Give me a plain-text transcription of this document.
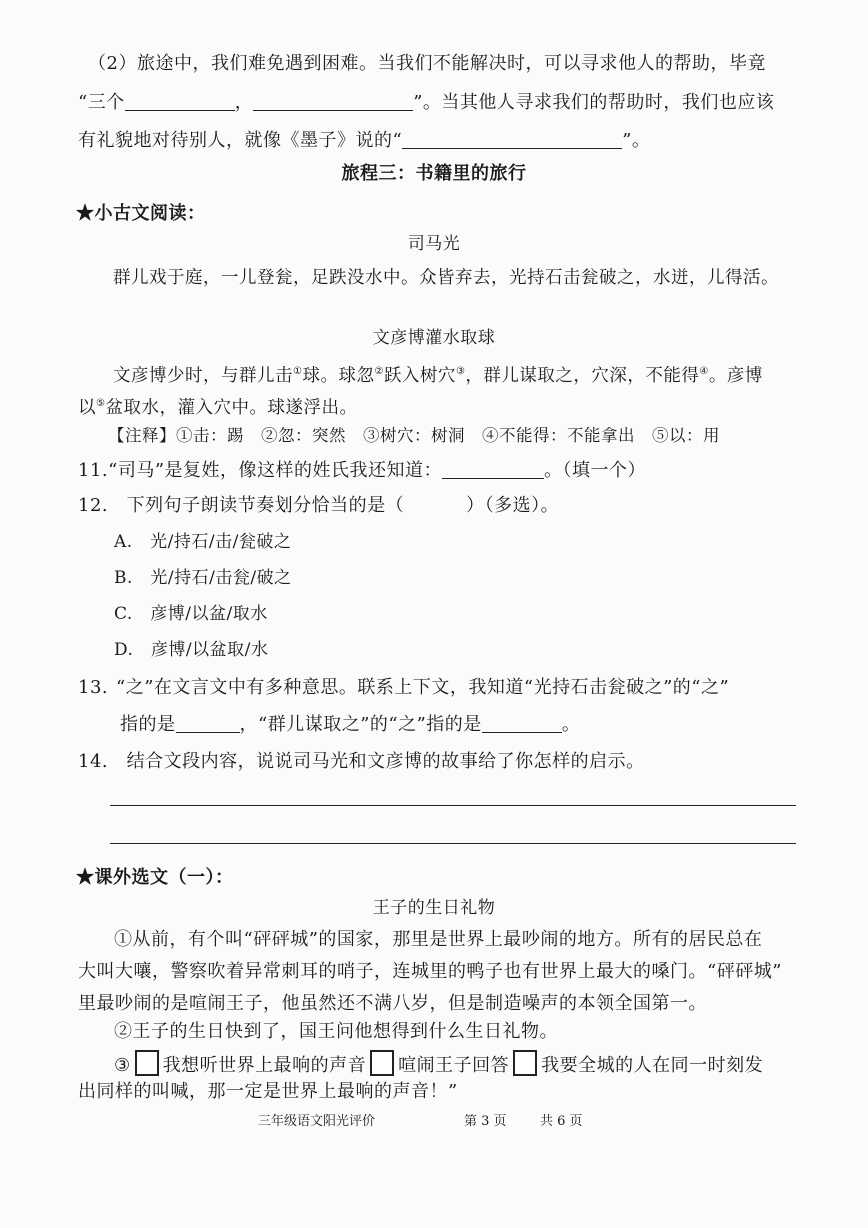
（2）旅途中，我们难免遇到困难。当我们不能解决时，可以寻求他人的帮助，毕竟
“三个	，	”。当其他人寻求我们的帮助时，我们也应该
有礼貌地对待别人，就像《墨子》说的“	”。
旅程三：书籍里的旅行
★小古文阅读：
司马光
群儿戏于庭，一儿登瓮，足跌没水中。众皆弃去，光持石击瓮破之，水迸，儿得活。
文彦博灌水取球
文彦博少时，与群儿击①球。球忽②跃入树穴③，群儿谋取之，穴深，不能得④。彦博
以⑤盆取水，灌入穴中。球遂浮出。
【注释】①击：踢　②忽：突然　③树穴：树洞　④不能得：不能拿出　⑤以：用
11.“司马”是复姓，像这样的姓氏我还知道：	。（填一个）
12.　下列句子朗读节奏划分恰当的是（	）（多选）。
A.　光/持石/击/瓮破之
B.　光/持石/击瓮/破之
C.　彦博/以盆/取水
D.　彦博/以盆取/水
13. “之”在文言文中有多种意思。联系上下文，我知道“光持石击瓮破之”的“之”
指的是	，“群儿谋取之”的“之”指的是	。
14.　结合文段内容，说说司马光和文彦博的故事给了你怎样的启示。
★课外选文（一）：
王子的生日礼物
①从前，有个叫“砰砰城”的国家，那里是世界上最吵闹的地方。所有的居民总在
大叫大嚷，警察吹着异常刺耳的哨子，连城里的鸭子也有世界上最大的嗓门。“砰砰城”
里最吵闹的是喧闹王子，他虽然还不满八岁，但是制造噪声的本领全国第一。
②王子的生日快到了，国王问他想得到什么生日礼物。
③ 我想听世界上最响的声音 喧闹王子回答 我要全城的人在同一时刻发
出同样的叫喊，那一定是世界上最响的声音！”
三年级语文阳光评价	第 3 页	共 6 页
